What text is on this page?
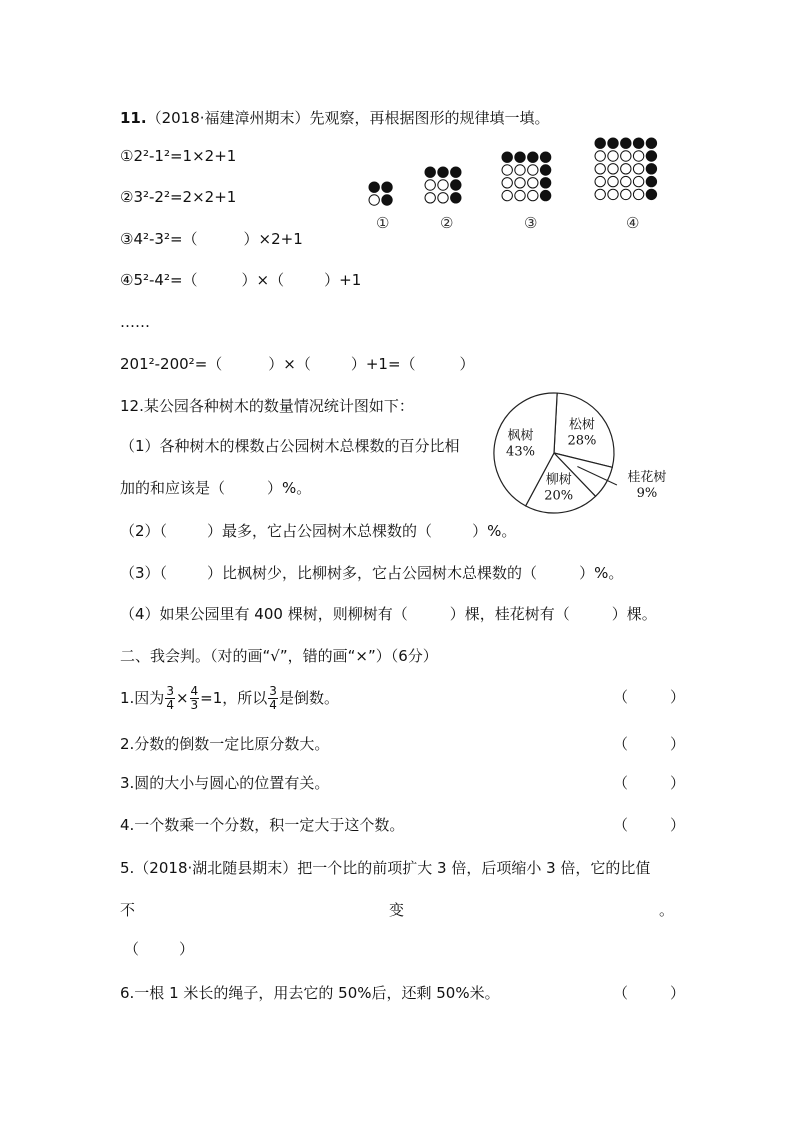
11.（2018·福建漳州期末）先观察，再根据图形的规律填一填。
①2²-1²=1×2+1
②3²-2²=2×2+1
③4²-3²=（	）×2+1
④5²-4²=（	）×（	）+1
……
201²-200²=（	）×（	）+1=（	）
①	②	③	④
12.某公园各种树木的数量情况统计图如下：
（1）各种树木的棵数占公园树木总棵数的百分比相
加的和应该是（	）%。
（2）（	）最多，它占公园树木总棵数的（	）%。
（3）（	）比枫树少，比柳树多，它占公园树木总棵数的（	）%。
（4）如果公园里有 400 棵树，则柳树有（	）棵，桂花树有（	）棵。
松树
28%
桂花树
9%
柳树
20%
枫树
43%
二、我会判。（对的画“√”，错的画“×”）（6分）
1.因为 $\frac{3}{4} \times \frac{4}{3} =1$，所以 $\frac{3}{4}$ 是倒数。
2.分数的倒数一定比原分数大。
3.圆的大小与圆心的位置有关。
4.一个数乘一个分数，积一定大于这个数。
5.（2018·湖北随县期末）把一个比的前项扩大 3 倍，后项缩小 3 倍，它的比值
不	变	。
6.一根 1 米长的绳子，用去它的 50%后，还剩 50%米。
（	）
（	）
（	）
（	）
（	）
（	）
